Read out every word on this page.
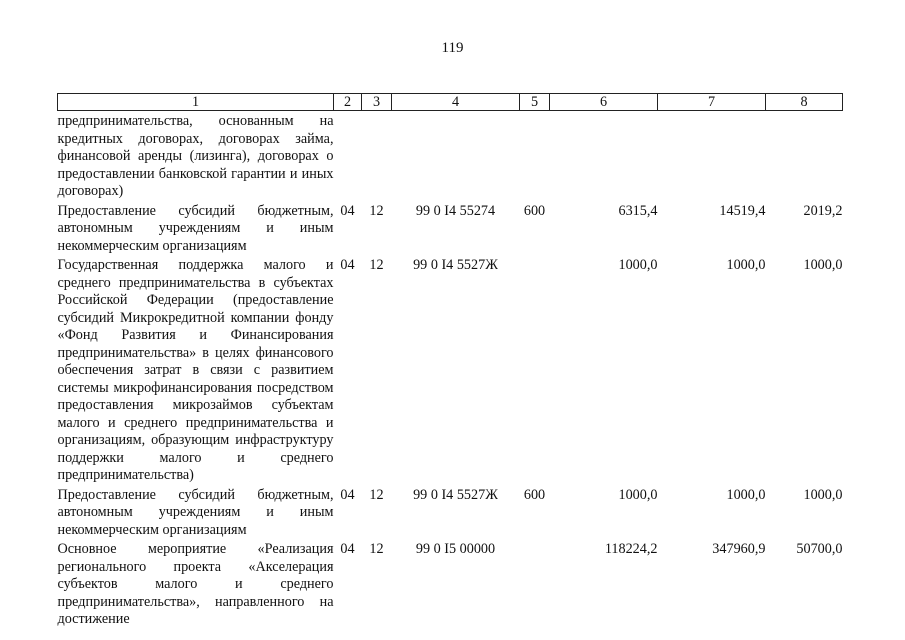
119
1	2	3	4	5	6	7	8
предпринимательства, основанным на кредитных договорах, договорах займа, финансовой аренды (лизинга), договорах о предоставлении банковской гарантии и иных договорах)							
Предоставление субсидий бюджетным, автономным учреждениям и иным некоммерческим организациям	04	12	99 0 I4 55274	600	6315,4	14519,4	2019,2
Государственная поддержка малого и среднего предпринимательства в субъектах Российской Федерации (предоставление субсидий Микрокредитной компании фонду «Фонд Развития и Финансирования предпринимательства» в целях финансового обеспечения затрат в связи с развитием системы микрофинансирования посредством предоставления микрозаймов субъектам малого и среднего предпринимательства и организациям, образующим инфраструктуру поддержки малого и среднего предпринимательства)	04	12	99 0 I4 5527Ж		1000,0	1000,0	1000,0
Предоставление субсидий бюджетным, автономным учреждениям и иным некоммерческим организациям	04	12	99 0 I4 5527Ж	600	1000,0	1000,0	1000,0
Основное мероприятие «Реализация регионального проекта «Акселерация субъектов малого и среднего предпринимательства», направленного на достижение	04	12	99 0 I5 00000		118224,2	347960,9	50700,0
